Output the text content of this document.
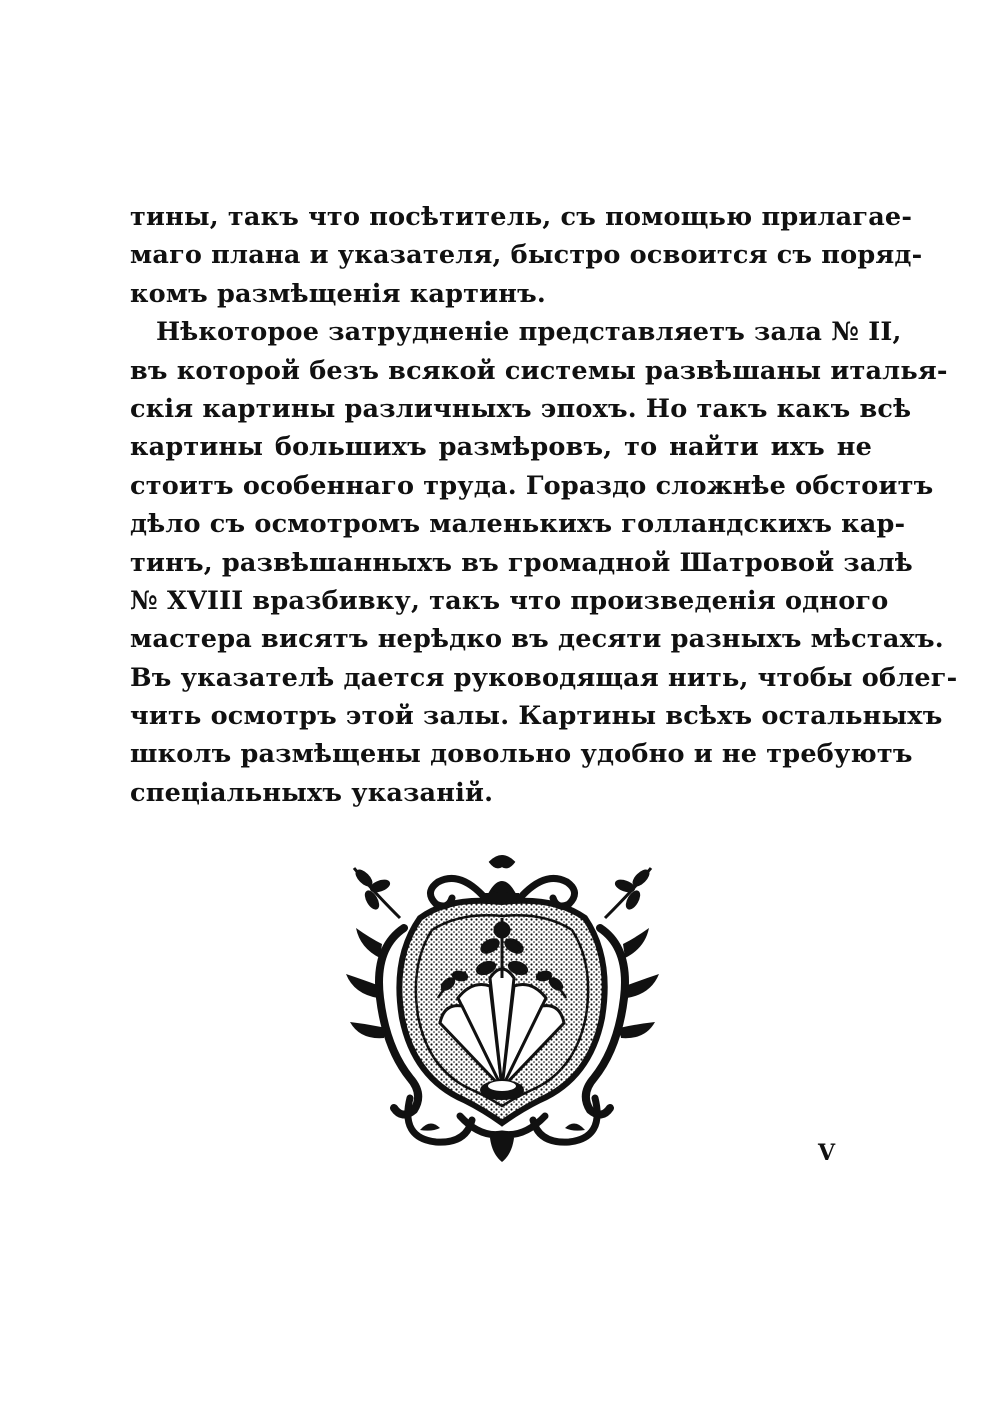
тины, такъ что посѣтитель, съ помощью прилагае-
маго плана и указателя, быстро освоится съ поряд-
комъ размѣщенія картинъ.
Нѣкоторое затрудненіе представляетъ зала № II,
въ которой безъ всякой системы развѣшаны италья-
скія картины различныхъ эпохъ. Но такъ какъ всѣ
картины большихъ размѣровъ, то найти ихъ не
стоитъ особеннаго труда. Гораздо сложнѣе обстоитъ
дѣло съ осмотромъ маленькихъ голландскихъ кар-
тинъ, развѣшанныхъ въ громадной Шатровой залѣ
№ XVIII вразбивку, такъ что произведенія одного
мастера висятъ нерѣдко въ десяти разныхъ мѣстахъ.
Въ указателѣ дается руководящая нить, чтобы облег-
чить осмотръ этой залы. Картины всѣхъ остальныхъ
школъ размѣщены довольно удобно и не требуютъ
спеціальныхъ указаній.
V
